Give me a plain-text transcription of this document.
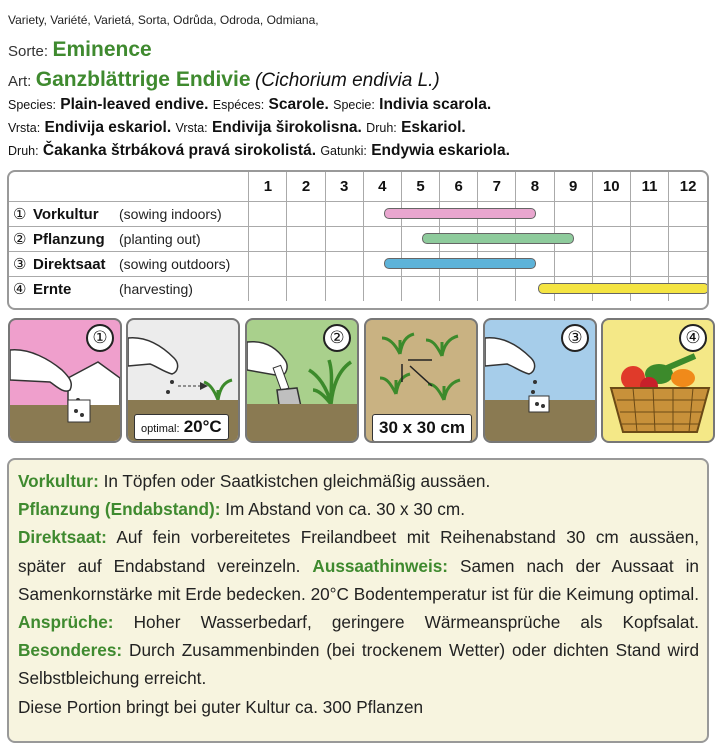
Variety, Variété, Varietá, Sorta, Odrůda, Odroda, Odmiana,
Sorte: Eminence
Art: Ganzblättrige Endivie (Cichorium endivia L.)
Species: Plain-leaved endive. Espéces: Scarole. Specie: Indivia scarola.
Vrsta: Endivija eskariol. Vrsta: Endivija širokolisna. Druh: Eskariol.
Druh: Čakanka štrbáková pravá sirokolistá. Gatunki: Endywia eskariola.
	1	2	3	4	5	6	7	8	9	10	11	12
① Vorkultur (sowing indoors)												
② Pflanzung (planting out)												
③ Direktsaat (sowing outdoors)												
④ Ernte (harvesting)												
①
optimal: 20°C
②
30 x 30 cm
③	④
Vorkultur: In Töpfen oder Saatkistchen gleichmäßig aussäen.
Pflanzung (Endabstand): Im Abstand von ca. 30 x 30 cm.
Direktsaat: Auf fein vorbereitetes Freilandbeet mit Reihenabstand 30 cm aussäen, später auf Endabstand vereinzeln. Aussaathinweis: Samen nach der Aussaat in Samenkornstärke mit Erde bedecken. 20°C Bodentemperatur ist für die Keimung optimal. Ansprüche: Hoher Wasserbedarf, geringere Wärmeansprüche als Kopfsalat. Besonderes: Durch Zusammenbinden (bei trockenem Wetter) oder dichten Stand wird Selbstbleichung erreicht.
Diese Portion bringt bei guter Kultur ca. 300 Pflanzen
